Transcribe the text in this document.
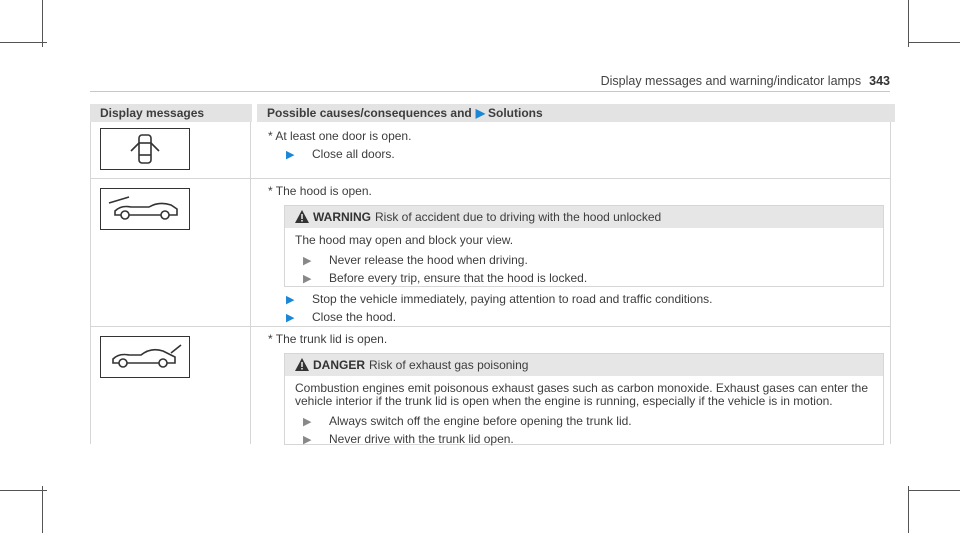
Display messages and warning/indicator lamps 343
Display messages	Possible causes/consequences and ▶ Solutions
* At least one door is open.
▶ Close all doors.
* The hood is open.
WARNING Risk of accident due to driving with the hood unlocked
The hood may open and block your view.
▶ Never release the hood when driving.
▶ Before every trip, ensure that the hood is locked.
▶ Stop the vehicle immediately, paying attention to road and traffic conditions.
▶ Close the hood.
* The trunk lid is open.
DANGER Risk of exhaust gas poisoning
Combustion engines emit poisonous exhaust gases such as carbon monoxide. Exhaust gases can enter the
vehicle interior if the trunk lid is open when the engine is running, especially if the vehicle is in motion.
▶ Always switch off the engine before opening the trunk lid.
▶ Never drive with the trunk lid open.
